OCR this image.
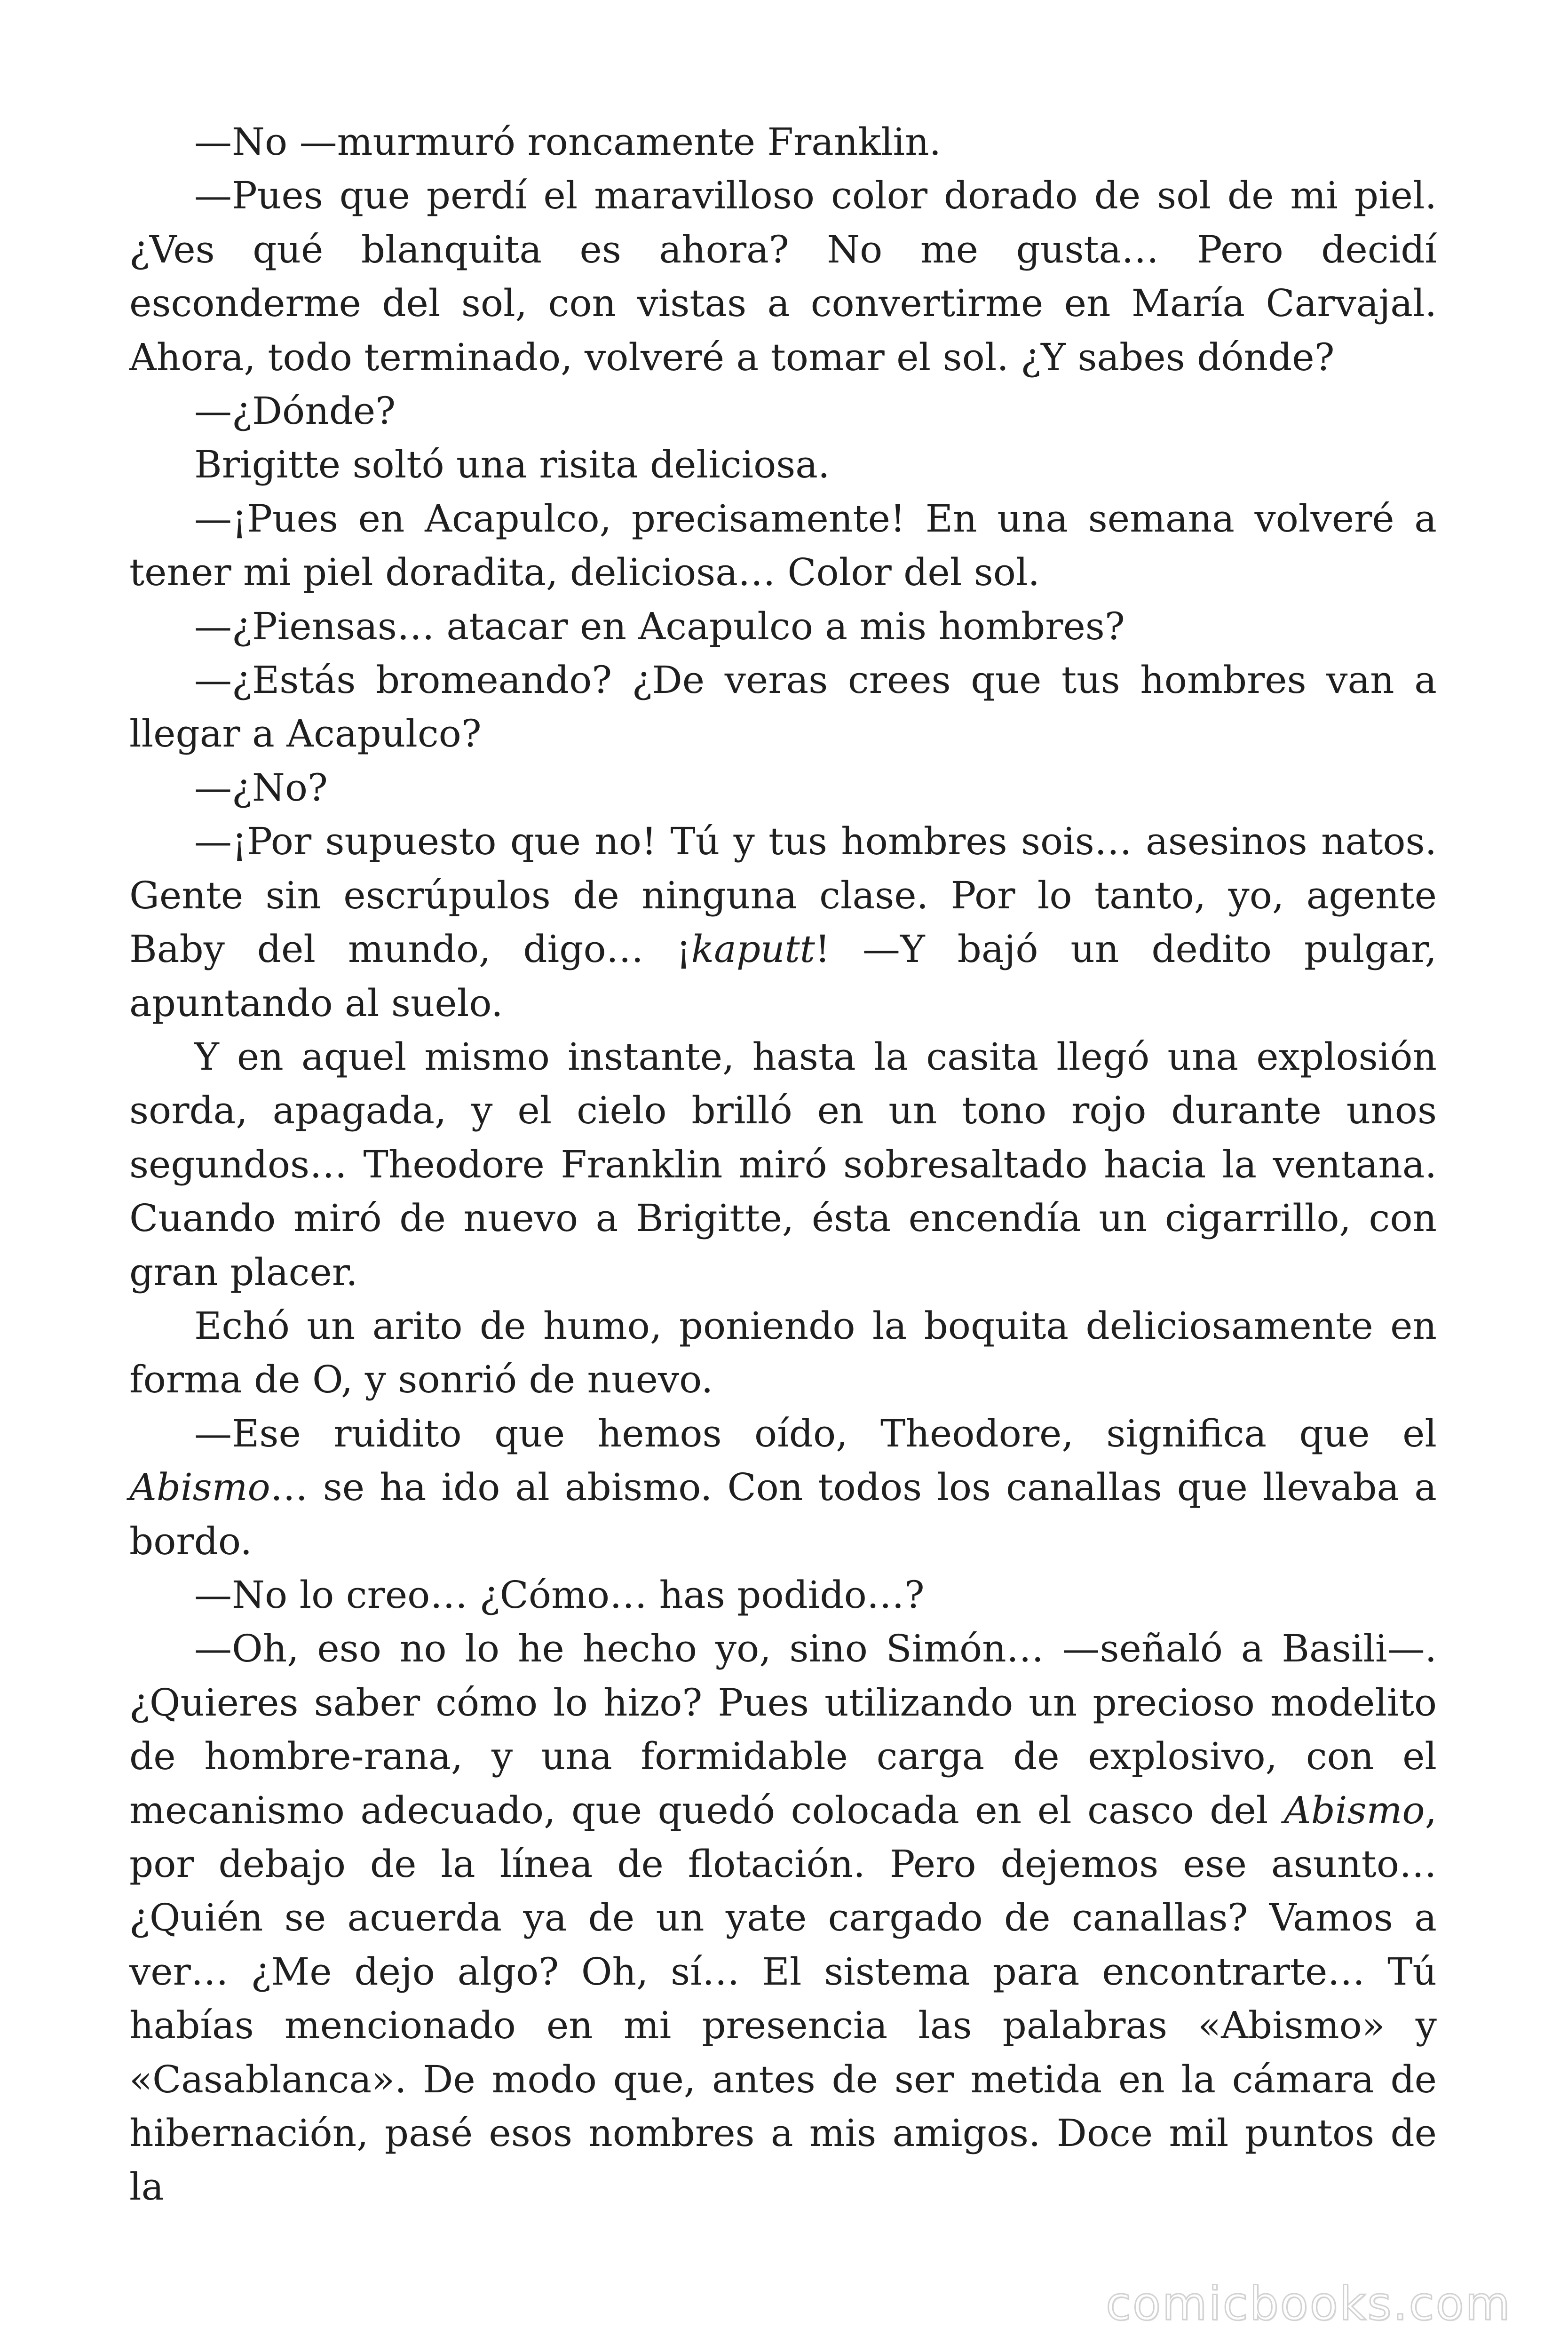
—No —murmuró roncamente Franklin.

—Pues que perdí el maravilloso color dorado de sol de mi piel. ¿Ves qué blanquita es ahora? No me gusta… Pero decidí esconderme del sol, con vistas a convertirme en María Carvajal. Ahora, todo terminado, volveré a tomar el sol. ¿Y sabes dónde?

—¿Dónde?

Brigitte soltó una risita deliciosa.

—¡Pues en Acapulco, precisamente! En una semana volveré a tener mi piel doradita, deliciosa… Color del sol.

—¿Piensas… atacar en Acapulco a mis hombres?

—¿Estás bromeando? ¿De veras crees que tus hombres van a llegar a Acapulco?

—¿No?

—¡Por supuesto que no! Tú y tus hombres sois… asesinos natos. Gente sin escrúpulos de ninguna clase. Por lo tanto, yo, agente Baby del mundo, digo… ¡kaputt! —Y bajó un dedito pulgar, apuntando al suelo.

Y en aquel mismo instante, hasta la casita llegó una explosión sorda, apagada, y el cielo brilló en un tono rojo durante unos segundos… Theodore Franklin miró sobresaltado hacia la ventana. Cuando miró de nuevo a Brigitte, ésta encendía un cigarrillo, con gran placer.

Echó un arito de humo, poniendo la boquita deliciosamente en forma de O, y sonrió de nuevo.

—Ese ruidito que hemos oído, Theodore, significa que el Abismo… se ha ido al abismo. Con todos los canallas que llevaba a bordo.

—No lo creo… ¿Cómo… has podido…?

—Oh, eso no lo he hecho yo, sino Simón… —señaló a Basili—. ¿Quieres saber cómo lo hizo? Pues utilizando un precioso modelito de hombre-rana, y una formidable carga de explosivo, con el mecanismo adecuado, que quedó colocada en el casco del Abismo, por debajo de la línea de flotación. Pero dejemos ese asunto… ¿Quién se acuerda ya de un yate cargado de canallas? Vamos a ver… ¿Me dejo algo? Oh, sí… El sistema para encontrarte… Tú habías mencionado en mi presencia las palabras «Abismo» y «Casablanca». De modo que, antes de ser metida en la cámara de hibernación, pasé esos nombres a mis amigos. Doce mil puntos de la

comicbooks.com
